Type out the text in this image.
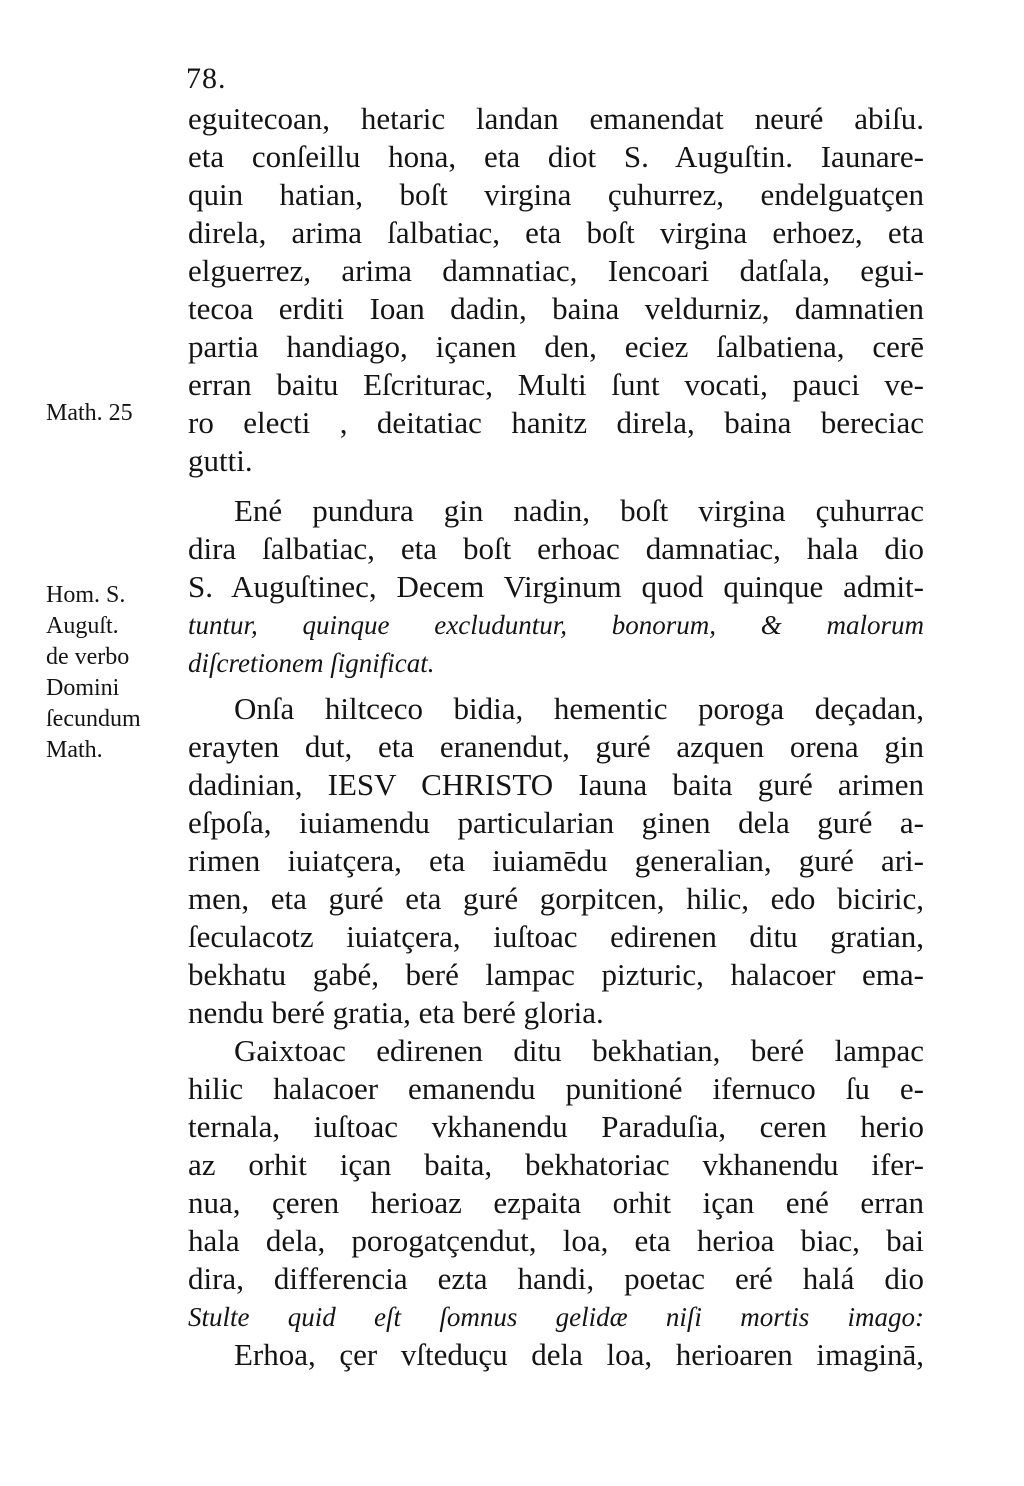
78.
Math. 25
Hom. S.
Auguſt.
de verbo
Domini
ſecundum
Math.
eguitecoan, hetaric landan emanendat neuré abiſu.
eta conſeillu hona, eta diot S. Auguſtin. Iaunare-
quin hatian, boſt virgina çuhurrez, endelguatçen
direla, arima ſalbatiac, eta boſt virgina erhoez, eta
elguerrez, arima damnatiac, Iencoari datſala, egui-
tecoa erditi Ioan dadin, baina veldurniz, damnatien
partia handiago, içanen den, eciez ſalbatiena, cerē
erran baitu Eſcriturac, Multi ſunt vocati, pauci ve-
ro electi , deitatiac hanitz direla, baina bereciac
gutti.
Ené pundura gin nadin, boſt virgina çuhurrac
dira ſalbatiac, eta boſt erhoac damnatiac, hala dio
S. Auguſtinec, Decem Virginum quod quinque admit-
tuntur, quinque excluduntur, bonorum, & malorum
diſcretionem ſignificat.
Onſa hiltceco bidia, hementic poroga deçadan,
erayten dut, eta eranendut, guré azquen orena gin
dadinian, IESV CHRISTO Iauna baita guré arimen
eſpoſa, iuiamendu particularian ginen dela guré a-
rimen iuiatçera, eta iuiamēdu generalian, guré ari-
men, eta guré eta guré gorpitcen, hilic, edo biciric,
ſeculacotz iuiatçera, iuſtoac edirenen ditu gratian,
bekhatu gabé, beré lampac pizturic, halacoer ema-
nendu beré gratia, eta beré gloria.
Gaixtoac edirenen ditu bekhatian, beré lampac
hilic halacoer emanendu punitioné ifernuco ſu e-
ternala, iuſtoac vkhanendu Paraduſia, ceren herio
az orhit içan baita, bekhatoriac vkhanendu ifer-
nua, çeren herioaz ezpaita orhit içan ené erran
hala dela, porogatçendut, loa, eta herioa biac, bai
dira, differencia ezta handi, poetac eré halá dio
Stulte quid eſt ſomnus gelidæ niſi mortis imago:
Erhoa, çer vſteduçu dela loa, herioaren imaginā,
